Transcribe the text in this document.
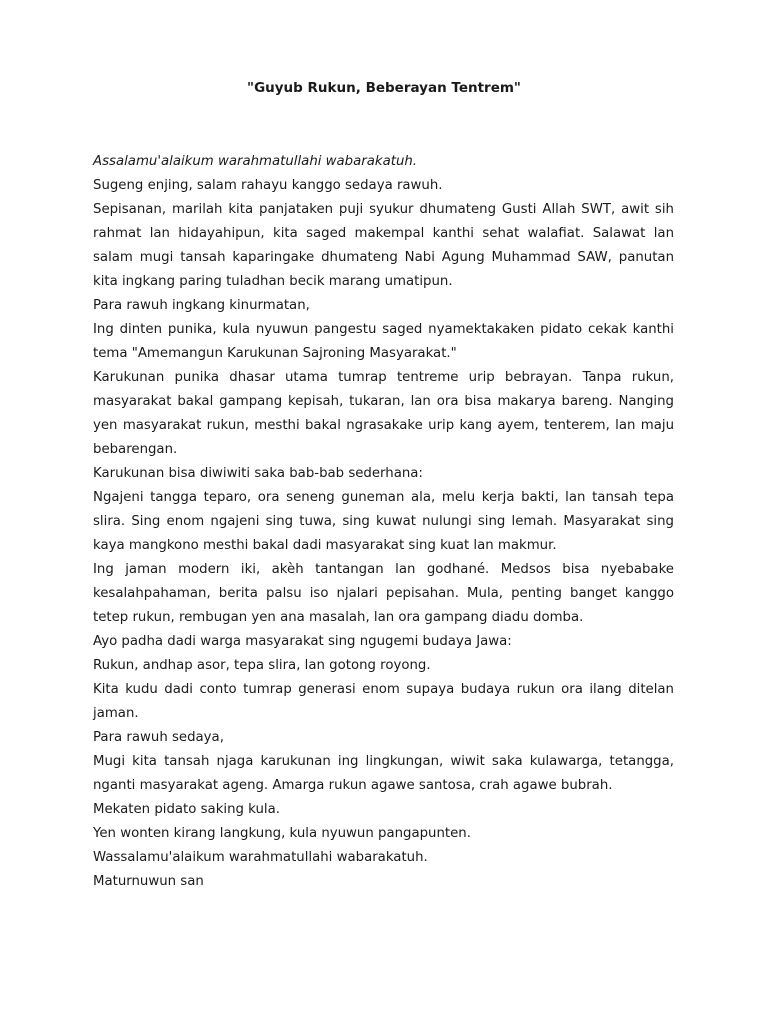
"Guyub Rukun, Beberayan Tentrem"

Assalamu'alaikum warahmatullahi wabarakatuh.

Sugeng enjing, salam rahayu kanggo sedaya rawuh.

Sepisanan, marilah kita panjataken puji syukur dhumateng Gusti Allah SWT, awit sih rahmat lan hidayahipun, kita saged makempal kanthi sehat walafiat. Salawat lan salam mugi tansah kaparingake dhumateng Nabi Agung Muhammad SAW, panutan kita ingkang paring tuladhan becik marang umatipun.

Para rawuh ingkang kinurmatan,

Ing dinten punika, kula nyuwun pangestu saged nyamektakaken pidato cekak kanthi tema "Amemangun Karukunan Sajroning Masyarakat."

Karukunan punika dhasar utama tumrap tentreme urip bebrayan. Tanpa rukun, masyarakat bakal gampang kepisah, tukaran, lan ora bisa makarya bareng. Nanging yen masyarakat rukun, mesthi bakal ngrasakake urip kang ayem, tenterem, lan maju bebarengan.

Karukunan bisa diwiwiti saka bab-bab sederhana:

Ngajeni tangga teparo, ora seneng guneman ala, melu kerja bakti, lan tansah tepa slira. Sing enom ngajeni sing tuwa, sing kuwat nulungi sing lemah. Masyarakat sing kaya mangkono mesthi bakal dadi masyarakat sing kuat lan makmur.

Ing jaman modern iki, akèh tantangan lan godhané. Medsos bisa nyebabake kesalahpahaman, berita palsu iso njalari pepisahan. Mula, penting banget kanggo tetep rukun, rembugan yen ana masalah, lan ora gampang diadu domba.

Ayo padha dadi warga masyarakat sing ngugemi budaya Jawa:

Rukun, andhap asor, tepa slira, lan gotong royong.

Kita kudu dadi conto tumrap generasi enom supaya budaya rukun ora ilang ditelan jaman.

Para rawuh sedaya,

Mugi kita tansah njaga karukunan ing lingkungan, wiwit saka kulawarga, tetangga, nganti masyarakat ageng. Amarga rukun agawe santosa, crah agawe bubrah.

Mekaten pidato saking kula.

Yen wonten kirang langkung, kula nyuwun pangapunten.

Wassalamu'alaikum warahmatullahi wabarakatuh.

Maturnuwun san
